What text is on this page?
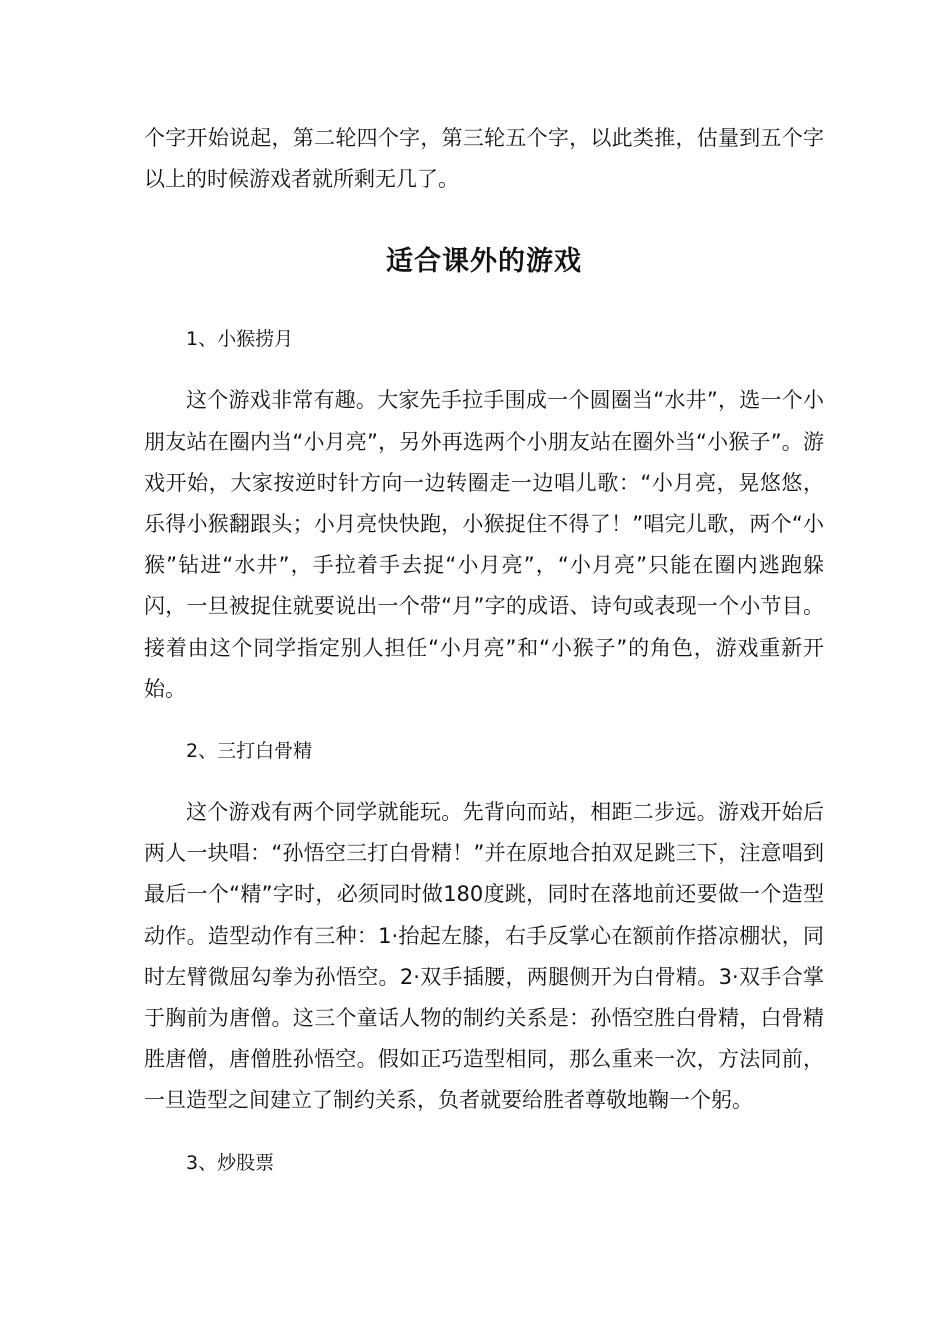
个字开始说起，第二轮四个字，第三轮五个字，以此类推，估量到五个字以上的时候游戏者就所剩无几了。

适合课外的游戏

1、小猴捞月

这个游戏非常有趣。大家先手拉手围成一个圆圈当“水井”，选一个小朋友站在圈内当“小月亮”，另外再选两个小朋友站在圈外当“小猴子”。游戏开始，大家按逆时针方向一边转圈走一边唱儿歌：“小月亮，晃悠悠，乐得小猴翻跟头；小月亮快快跑，小猴捉住不得了！”唱完儿歌，两个“小猴”钻进“水井”，手拉着手去捉“小月亮”，“小月亮”只能在圈内逃跑躲闪，一旦被捉住就要说出一个带“月”字的成语、诗句或表现一个小节目。接着由这个同学指定别人担任“小月亮”和“小猴子”的角色，游戏重新开始。

2、三打白骨精

这个游戏有两个同学就能玩。先背向而站，相距二步远。游戏开始后两人一块唱：“孙悟空三打白骨精！”并在原地合拍双足跳三下，注意唱到最后一个“精”字时，必须同时做180度跳，同时在落地前还要做一个造型动作。造型动作有三种：1·抬起左膝，右手反掌心在额前作搭凉棚状，同时左臂微屈勾拳为孙悟空。2·双手插腰，两腿侧开为白骨精。3·双手合掌于胸前为唐僧。这三个童话人物的制约关系是：孙悟空胜白骨精，白骨精胜唐僧，唐僧胜孙悟空。假如正巧造型相同，那么重来一次，方法同前，一旦造型之间建立了制约关系，负者就要给胜者尊敬地鞠一个躬。

3、炒股票
